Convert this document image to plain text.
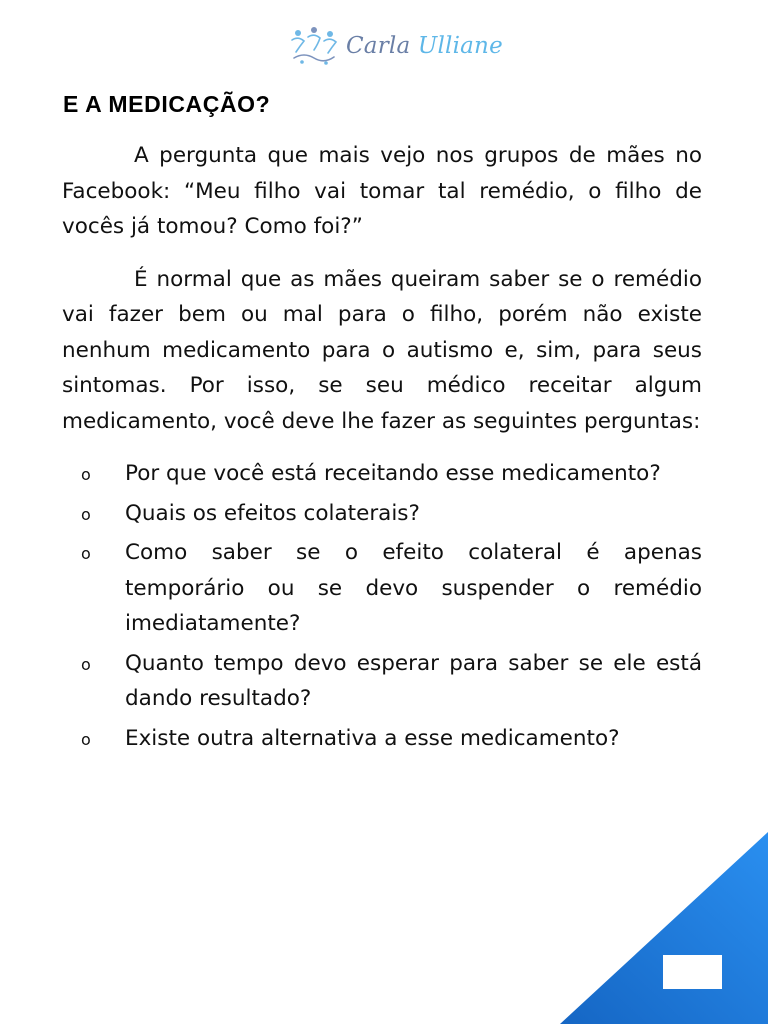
Carla Ulliane
E A MEDICAÇÃO?

A pergunta que mais vejo nos grupos de mães no Facebook: “Meu filho vai tomar tal remédio, o filho de vocês já tomou? Como foi?”

É normal que as mães queiram saber se o remédio vai fazer bem ou mal para o filho, porém não existe nenhum medicamento para o autismo e, sim, para seus sintomas. Por isso, se seu médico receitar algum medicamento, você deve lhe fazer as seguintes perguntas:

o Por que você está receitando esse medicamento?
o Quais os efeitos colaterais?
o Como saber se o efeito colateral é apenas temporário ou se devo suspender o remédio imediatamente?
o Quanto tempo devo esperar para saber se ele está dando resultado?
o Existe outra alternativa a esse medicamento?
